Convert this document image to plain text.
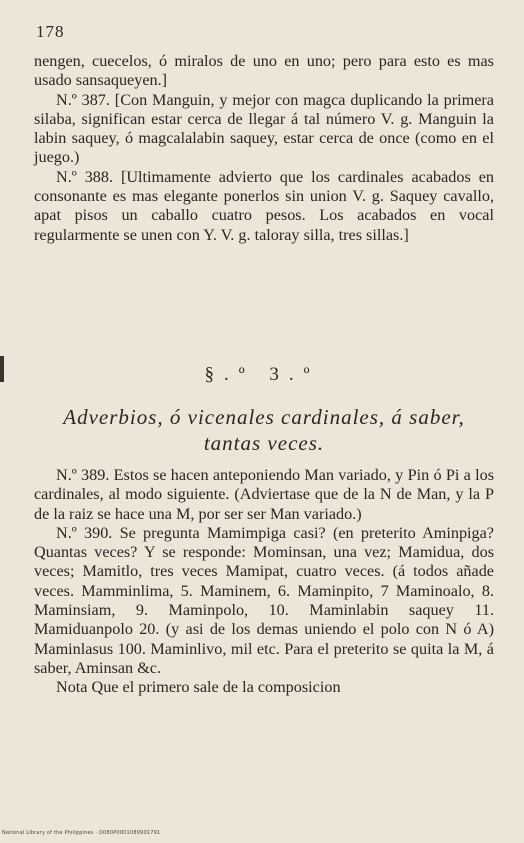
178

nengen, cuecelos, ó miralos de uno en uno; pero para esto es mas usado sansaqueyen.]

N.º 387. [Con Manguin, y mejor con magca duplicando la primera silaba, significan estar cerca de llegar á tal número V. g. Manguin la labin saquey, ó magcalalabin saquey, estar cerca de once (como en el juego.)

N.º 388. [Ultimamente advierto que los cardinales acabados en consonante es mas elegante ponerlos sin union V. g. Saquey cavallo, apat pisos un caballo cuatro pesos. Los acabados en vocal regularmente se unen con Y. V. g. taloray silla, tres sillas.]

§.º 3.º
Adverbios, ó vicenales cardinales, á saber, tantas veces.

N.º 389. Estos se hacen anteponiendo Man variado, y Pin ó Pi a los cardinales, al modo siguiente. (Adviertase que de la N de Man, y la P de la raiz se hace una M, por ser ser Man variado.)

N.º 390. Se pregunta Mamimpiga casi? (en preterito Aminpiga? Quantas veces? Y se responde: Mominsan, una vez; Mamidua, dos veces; Mamitlo, tres veces Mamipat, cuatro veces. (á todos añade veces. Mamminlima, 5. Maminem, 6. Maminpito, 7 Maminoalo, 8. Maminsiam, 9. Maminpolo, 10. Maminlabin saquey 11. Mamiduanpolo 20. (y asi de los demas uniendo el polo con N ó A) Maminlasus 100. Maminlivo, mil etc. Para el preterito se quita la M, á saber, Aminsan &c.

Nota Que el primero sale de la composicion

National Library of the Philippines · D080P0001089901791
